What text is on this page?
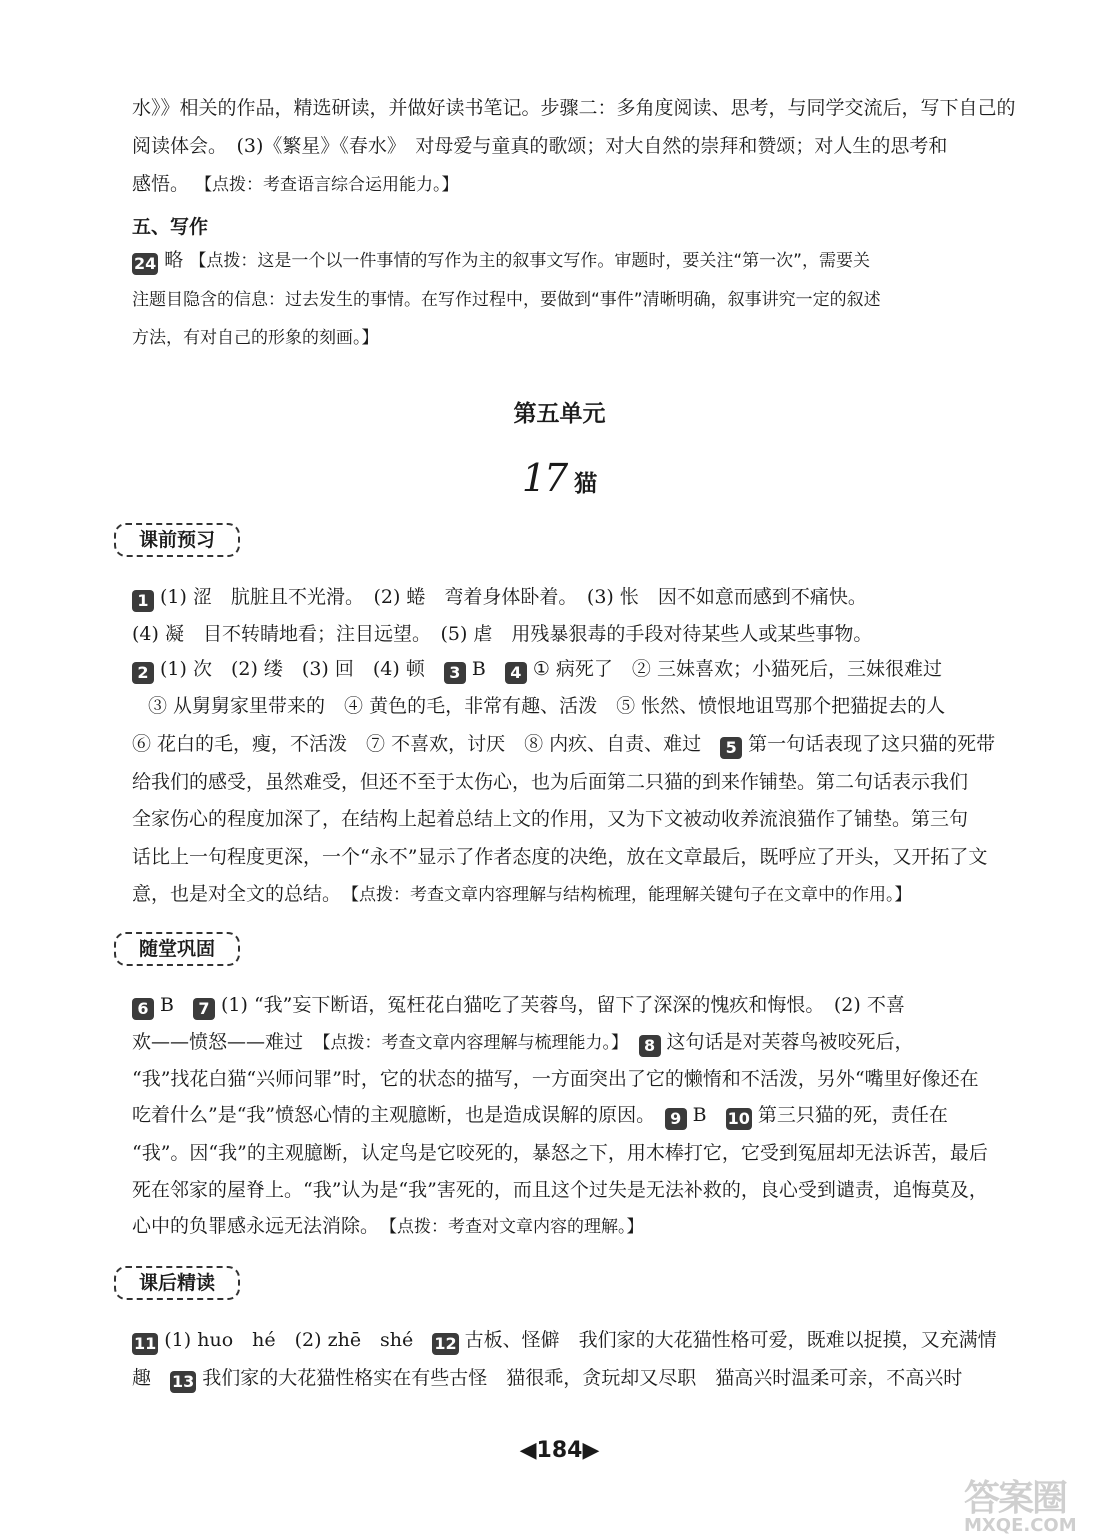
水》》相关的作品，精选研读，并做好读书笔记。步骤二：多角度阅读、思考，与同学交流后，写下自己的
阅读体会。　(3)《繁星》《春水》　对母爱与童真的歌颂；对大自然的崇拜和赞颂；对人生的思考和
感悟。 【点拨：考查语言综合运用能力。】
五、写作
24 略 【点拨：这是一个以一件事情的写作为主的叙事文写作。审题时，要关注“第一次”，需要关
注题目隐含的信息：过去发生的事情。在写作过程中，要做到“事件”清晰明确，叙事讲究一定的叙述
方法，有对自己的形象的刻画。】
第五单元
17 猫
课前预习
1 (1) 涩　肮脏且不光滑。　(2) 蜷　弯着身体卧着。　(3) 怅　因不如意而感到不痛快。
(4) 凝　目不转睛地看；注目远望。　(5) 虐　用残暴狠毒的手段对待某些人或某些事物。
2 (1) 次　(2) 缕　(3) 回　(4) 顿　 3 B　 4 ① 病死了　② 三妹喜欢；小猫死后，三妹很难过
③ 从舅舅家里带来的　④ 黄色的毛，非常有趣、活泼　⑤ 怅然、愤恨地诅骂那个把猫捉去的人
⑥ 花白的毛，瘦，不活泼　⑦ 不喜欢，讨厌　⑧ 内疚、自责、难过　 5 第一句话表现了这只猫的死带
给我们的感受，虽然难受，但还不至于太伤心，也为后面第二只猫的到来作铺垫。第二句话表示我们
全家伤心的程度加深了，在结构上起着总结上文的作用，又为下文被动收养流浪猫作了铺垫。第三句
话比上一句程度更深，一个“永不”显示了作者态度的决绝，放在文章最后，既呼应了开头，又开拓了文
意，也是对全文的总结。　 【点拨：考查文章内容理解与结构梳理，能理解关键句子在文章中的作用。】
随堂巩固
6 B　 7 (1) “我”妄下断语，冤枉花白猫吃了芙蓉鸟，留下了深深的愧疚和悔恨。　(2) 不喜
欢——愤怒——难过　 【点拨：考查文章内容理解与梳理能力。】　 8 这句话是对芙蓉鸟被咬死后，
“我”找花白猫“兴师问罪”时，它的状态的描写，一方面突出了它的懒惰和不活泼，另外“嘴里好像还在
吃着什么”是“我”愤怒心情的主观臆断，也是造成误解的原因。　 9 B　 10 第三只猫的死，责任在
“我”。因“我”的主观臆断，认定鸟是它咬死的，暴怒之下，用木棒打它，它受到冤屈却无法诉苦，最后
死在邻家的屋脊上。“我”认为是“我”害死的，而且这个过失是无法补救的，良心受到谴责，追悔莫及，
心中的负罪感永远无法消除。　 【点拨：考查对文章内容的理解。】
课后精读
11 (1) huo　hé　(2) zhē　shé　 12 古板、怪僻　我们家的大花猫性格可爱，既难以捉摸，又充满情
趣　 13 我们家的大花猫性格实在有些古怪　猫很乖，贪玩却又尽职　猫高兴时温柔可亲，不高兴时
◀184▶
答案圈
MXQE.COM
